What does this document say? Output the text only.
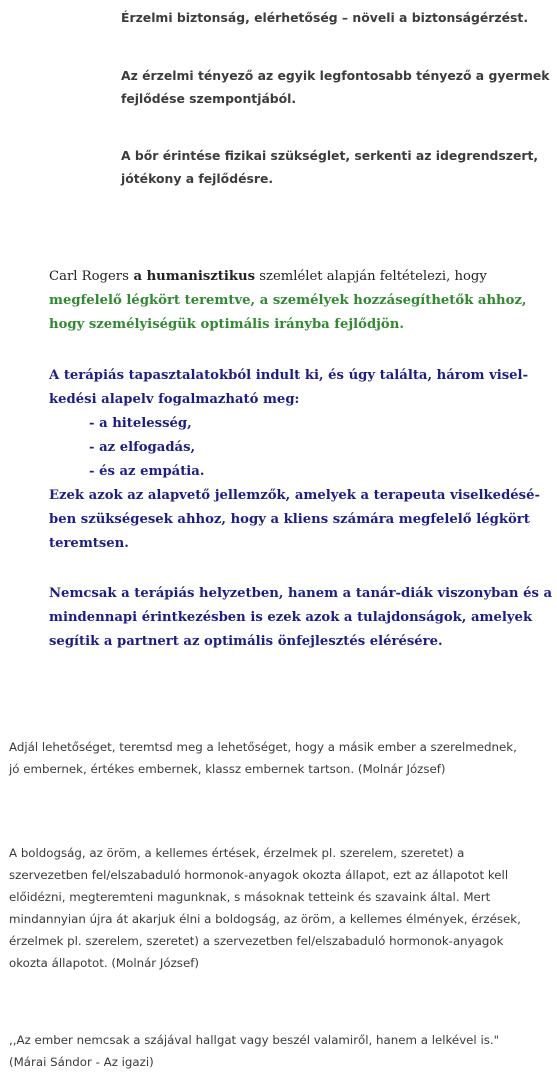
Érzelmi biztonság, elérhetőség – növeli a biztonságérzést.

Az érzelmi tényező az egyik legfontosabb tényező a gyermek
fejlődése szempontjából.

A bőr érintése fizikai szükséglet, serkenti az idegrendszert,
jótékony a fejlődésre.

Carl Rogers a humanisztikus szemlélet alapján feltételezi, hogy
megfelelő légkört teremtve, a személyek hozzásegíthetők ahhoz,
hogy személyiségük optimális irányba fejlődjön.

A terápiás tapasztalatokból indult ki, és úgy találta, három visel-
kedési alapelv fogalmazható meg:
- a hitelesség,
- az elfogadás,
- és az empátia.
Ezek azok az alapvető jellemzők, amelyek a terapeuta viselkedésé-
ben szükségesek ahhoz, hogy a kliens számára megfelelő légkört
teremtsen.

Nemcsak a terápiás helyzetben, hanem a tanár-diák viszonyban és a
mindennapi érintkezésben is ezek azok a tulajdonságok, amelyek
segítik a partnert az optimális önfejlesztés elérésére.

Adjál lehetőséget, teremtsd meg a lehetőséget, hogy a másik ember a szerelmednek,
jó embernek, értékes embernek, klassz embernek tartson. (Molnár József)

A boldogság, az öröm, a kellemes értések, érzelmek pl. szerelem, szeretet) a
szervezetben fel/elszabaduló hormonok-anyagok okozta állapot, ezt az állapotot kell
előidézni, megteremteni magunknak, s másoknak tetteink és szavaink által. Mert
mindannyian újra át akarjuk élni a boldogság, az öröm, a kellemes élmények, érzések,
érzelmek pl. szerelem, szeretet) a szervezetben fel/elszabaduló hormonok-anyagok
okozta állapotot. (Molnár József)

,,Az ember nemcsak a szájával hallgat vagy beszél valamiről, hanem a lelkével is."
(Márai Sándor - Az igazi)
